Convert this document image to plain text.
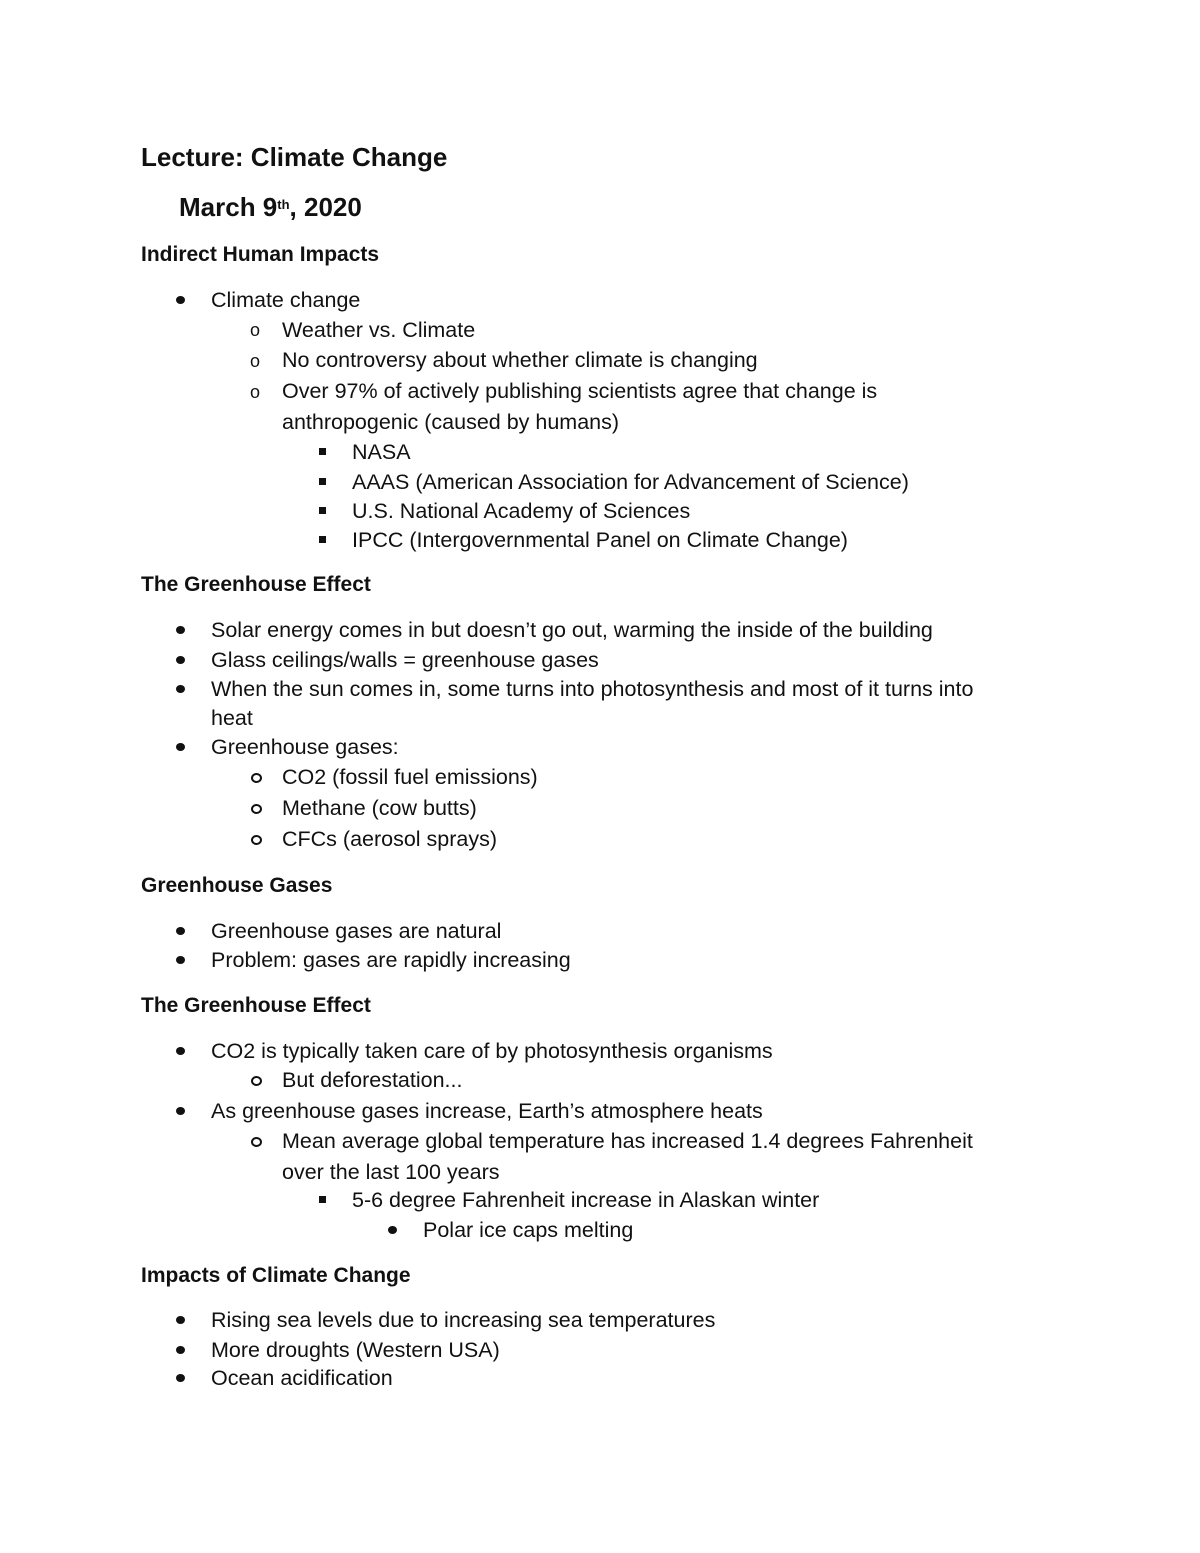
Lecture: Climate Change
March 9th, 2020
Indirect Human Impacts
Climate change
o Weather vs. Climate
o No controversy about whether climate is changing
o Over 97% of actively publishing scientists agree that change is
anthropogenic (caused by humans)
NASA
AAAS (American Association for Advancement of Science)
U.S. National Academy of Sciences
IPCC (Intergovernmental Panel on Climate Change)
The Greenhouse Effect
Solar energy comes in but doesn’t go out, warming the inside of the building
Glass ceilings/walls = greenhouse gases
When the sun comes in, some turns into photosynthesis and most of it turns into
heat
Greenhouse gases:
CO2 (fossil fuel emissions)
Methane (cow butts)
CFCs (aerosol sprays)
Greenhouse Gases
Greenhouse gases are natural
Problem: gases are rapidly increasing
The Greenhouse Effect
CO2 is typically taken care of by photosynthesis organisms
But deforestation...
As greenhouse gases increase, Earth’s atmosphere heats
Mean average global temperature has increased 1.4 degrees Fahrenheit
over the last 100 years
5-6 degree Fahrenheit increase in Alaskan winter
Polar ice caps melting
Impacts of Climate Change
Rising sea levels due to increasing sea temperatures
More droughts (Western USA)
Ocean acidification
